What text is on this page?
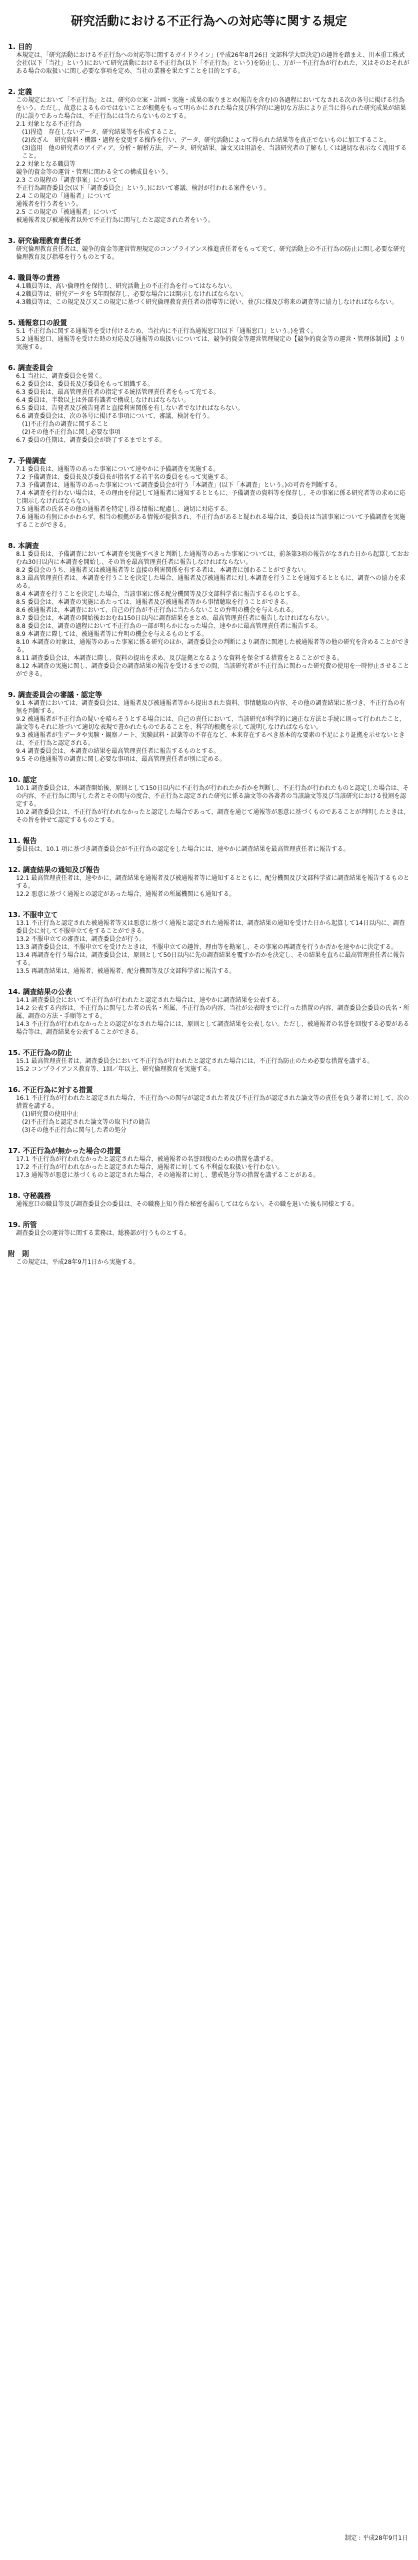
研究活動における不正行為への対応等に関する規定
1. 目的
本規定は、「研究活動における不正行為への対応等に関するガイドライン」(平成26年8月26日 文部科学大臣決定)の趣旨を踏まえ、川本重工株式会社(以下「当社」という)において研究活動における不正行為(以下「不正行為」という)を防止し、万が一不正行為が行われた、又はそのおそれがある場合の取扱いに関し必要な事項を定め、当社の業務を果たすことを目的とする。
2. 定義
この規定において「不正行為」とは、研究の立案・計画・実施・成果の取りまとめ(報告を含む)の各過程においてなされる次の各号に掲げる行為をいう。ただし、故意によるものではないことが根拠をもって明らかにされた場合及び科学的に適切な方法により正当に得られた研究成果が結果的に誤りであった場合は、不正行為には当たらないものとする。
2.1 対象となる不正行為
(1)捏造　存在しないデータ、研究結果等を作成すること。
(2)改ざん　研究資料・機器・過程を変更する操作を行い、データ、研究活動によって得られた結果等を真正でないものに加工すること。
(3)盗用　他の研究者のアイディア、分析・解析方法、データ、研究結果、論文又は用語を、当該研究者の了解もしくは適切な表示なく流用すること。
2.2 対象となる職員等
競争的資金等の運営・管理に関わる全ての構成員をいう。
2.3 この規程の「調査事案」について
不正行為調査委員会(以下「調査委員会」という。)において審議、検討が行われる案件をいう。
2.4 この規定の「通報者」について
通報者を行う者をいう。
2.5 この規定の「被通報者」について
被通報者及び被通報者以外で不正行為に関与したと認定された者をいう。
3. 研究倫理教育責任者
研究倫理教育責任者は、競争的資金等運営管理規定のコンプライアンス推進責任者をもって充て、研究活動上の不正行為の防止に関し必要な研究倫理教育及び指導を行うものとする。
4. 職員等の責務
4.1職員等は、高い倫理性を保持し、研究活動上の不正行為を行ってはならない。
4.2職員等は、研究データを 5年間保存し、必要な場合には開示しなければならない。
4.3職員等は、この規定及び又この規定に基づく研究倫理教育責任者の指導等に従い、並びに様及び将来の調査等に協力しなければならない。
5. 通報窓口の設置
5.1 不正行為に関する通報等を受け付けるため、当社内に不正行為通報窓口(以下「通報窓口」という。)を置く。
5.2 通報窓口、通報等を受けた時の対応及び通報等の取扱いについては、競争的資金等運営管理規定の【競争的資金等の運営・管理体制図】より実施する。
6. 調査委員会
6.1 当社に、調査委員会を置く。
6.2 委員会は、委員長及び委員をもって組織する。
6.3 委員長は、最高管理責任者の指定する統括管理責任者をもって充てる。
6.4 委員は、半数以上は外部有識者で構成しなければならない。
6.5 委員は、告発者及び被告発者と直接利害関係を有しない者でなければならない。
6.6 調査委員会は、次の各号に掲げる事項について、審議、検討を行う。
(1)不正行為の調査に関すること
(2)その他不正行為に関し必要な事項
6.7 委員の任期は、調査委員会が終了するまでとする。
7. 予備調査
7.1 委員長は、通報等のあった事案について速やかに予備調査を実施する。
7.2 予備調査は、委員長及び委員長が指名する若干名の委員をもって実施する。
7.3 予備調査は、通報等のあった事案について調査委員会が行う「本調査」(以下「本調査」という。)の可否を判断する。
7.4 本調査を行わない場合は、その理由を付記して通報者に通知するとともに、予備調査の資料等を保存し、その事案に係る研究者等の求めに応じ開示しなければならない。
7.5 通報者の氏名その他の通報者を特定し得る情報に配慮し、適切に対応する。
7.6 通報の有無にかかわらず、相当の根拠がある情報が提供され、不正行為があると疑われる場合は、委員長は当該事案について予備調査を実施することができる。
8. 本調査
8.1 委員長は、予備調査において本調査を実施すべきと判断した通報等のあった事案については、前条第3項の報告がなされた日から起算しておおむね30日以内に本調査を開始し、その旨を最高管理責任者に報告しなければならない。
8.2 委員会のうち、通報者又は被通報者等と直接の利害関係を有する者は、本調査に加わることができない。
8.3 最高管理責任者は、本調査を行うことを決定した場合、通報者及び被通報者に対し本調査を行うことを通知するとともに、調査への協力を求める。
8.4 本調査を行うことを決定した場合、当該事案に係る配分機関等及び文部科学省に報告するものとする。
8.5 委員会は、本調査の実施にあたっては、通報者及び被通報者等から事情聴取を行うことができる。
8.6 被通報者は、本調査において、自己の行為が不正行為に当たらないことの弁明の機会を与えられる。
8.7 委員会は、本調査の開始後おおむね150日以内に調査結果をまとめ、最高管理責任者に報告しなければならない。
8.8 委員会は、調査の過程において不正行為の一部が明らかになった場合、速やかに最高管理責任者に報告する。
8.9 本調査に際しては、被通報者等に弁明の機会を与えるものとする。
8.10 本調査の対象は、通報等のあった事案に係る研究のほか、調査委員会の判断により調査に関連した被通報者等の他の研究を含めることができる。
8.11 調査委員会は、本調査に際し、資料の提出を求め、及び証拠となるような資料を保全する措置をとることができる。
8.12 本調査の実施に関し、調査委員会の調査結果の報告を受けるまでの間、当該研究者が不正行為に関わった研究費の使用を一時停止させることができる。
9. 調査委員会の審議・認定等
9.1 本調査においては、調査委員会は、通報者及び被通報者等から提出された資料、事情聴取の内容、その他の調査結果に基づき、不正行為の有無を判断する。
9.2 被通報者が不正行為の疑いを晴らそうとする場合には、自己の責任において、当該研究が科学的に適正な方法と手続に則って行われたこと、論文等もそれに基づいて適切な表現で書かれたものであることを、科学的根拠を示して説明しなければならない。
9.3 被通報者が生データや実験・観察ノート、実験試料・試薬等の不存在など、本来存在するべき基本的な要素の不足により証拠を示せないときは、不正行為と認定される。
9.4 調査委員会は、本調査の結果を最高管理責任者に報告するものとする。
9.5 その他通報等の調査に関し必要な事項は、最高管理責任者が別に定める。
10. 認定
10.1 調査委員会は、本調査開始後、原則として150日以内に不正行為が行われたか否かを判断し、不正行為が行われたものと認定した場合は、その内容、不正行為に関与した者とその関与の度合、不正行為と認定された研究に係る論文等の各著者の当該論文等及び当該研究における役割を認定する。
10.2 調査委員会は、不正行為が行われなかったと認定した場合であって、調査を通じて通報等が悪意に基づくものであることが判明したときは、その旨を併せて認定するものとする。
11. 報告
委員長は、10.1 項に基づき調査委員会が不正行為の認定をした場合には、速やかに調査結果を最高管理責任者に報告する。
12. 調査結果の通知及び報告
12.1 最高管理責任者は、速やかに、調査結果を通報者及び被通報者等に通知するとともに、配分機関及び文部科学省に調査結果を報告するものとする。
12.2 悪意に基づく通報との認定があった場合、通報者の所属機関にも通知する。
13. 不服申立て
13.1 不正行為と認定された被通報者等又は悪意に基づく通報と認定された通報者は、調査結果の通知を受けた日から起算して14日以内に、調査委員会に対して不服申立てをすることができる。
13.2 不服申立ての審査は、調査委員会が行う。
13.3 調査委員会は、不服申立てを受けたときは、不服申立ての趣旨、理由等を勘案し、その事案の再調査を行うか否かを速やかに決定する。
13.4 再調査を行う場合は、調査委員会は、原則として50日以内に先の調査結果を覆すか否かを決定し、その結果を直ちに最高管理責任者に報告する。
13.5 再調査結果は、通報者、被通報者、配分機関等及び文部科学省に報告する。
14. 調査結果の公表
14.1 調査委員会において不正行為が行われたと認定された場合は、速やかに調査結果を公表する。
14.2 公表する内容は、不正行為に関与した者の氏名・所属、不正行為の内容、当社が公表時までに行った措置の内容、調査委員会委員の氏名・所属、調査の方法・手順等とする。
14.3 不正行為が行われなかったとの認定がなされた場合には、原則として調査結果を公表しない。ただし、被通報者の名誉を回復する必要がある場合等は、調査結果を公表することができる。
15. 不正行為の防止
15.1 最高管理責任者は、調査委員会において不正行為が行われたと認定された場合には、不正行為防止のため必要な措置を講ずる。
15.2 コンプライアンス教育等、1回／年以上、研究倫理教育を実施する。
16. 不正行為に対する措置
16.1 不正行為が行われたと認定された場合、不正行為への関与が認定された者及び不正行為が認定された論文等の責任を負う著者に対して、次の措置を講ずる。
(1)研究費の使用中止
(2)不正行為と認定された論文等の取下げの勧告
(3)その他不正行為に関与した者の処分
17. 不正行為が無かった場合の措置
17.1 不正行為が行われなかったと認定された場合、被通報者の名誉回復のための措置を講ずる。
17.2 不正行為が行われなかったと認定された場合、通報者に対しても不利益な取扱いを行わない。
17.3 通報等が悪意に基づくものと認定された場合、その通報者に対し、懲戒処分等の措置を講ずることがある。
18. 守秘義務
通報窓口の職員等及び調査委員会の委員は、その職務上知り得た秘密を漏らしてはならない。その職を退いた後も同様とする。
19. 所管
調査委員会の運営等に関する業務は、総務部が行うものとする。
附　則
この規定は、平成28年9月1日から実施する。
制定 : 平成28年9月1日
